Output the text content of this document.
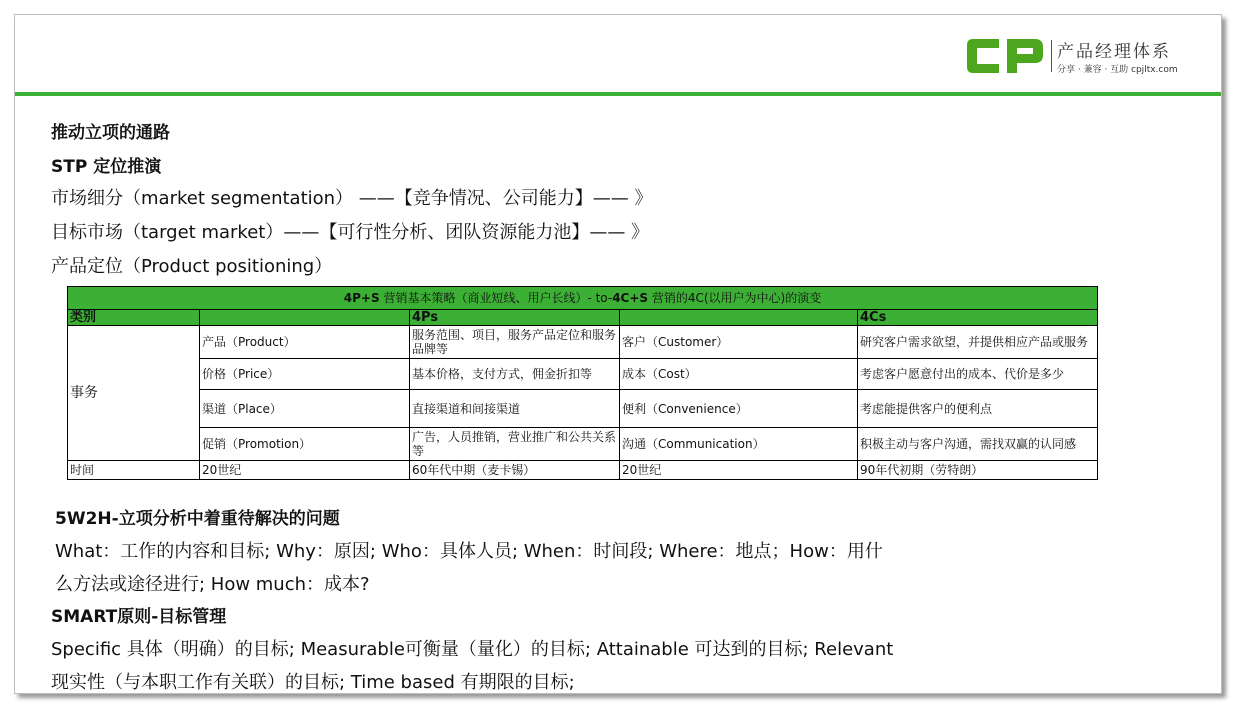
产品经理体系
分享 · 兼容 · 互助 cpjltx.com
推动立项的通路
STP 定位推演
市场细分（market segmentation） ——【竞争情况、公司能力】—— 》
目标市场（target market）——【可行性分析、团队资源能力池】—— 》
产品定位（Product positioning）
4P+S 营销基本策略（商业短线、用户长线）- to-4C+S 营销的4C(以用户为中心)的演变				
类别		4Ps		4Cs
事务	产品（Product）	服务范围、项目，服务产品定位和服务品牌等	客户（Customer）	研究客户需求欲望，并提供相应产品或服务
	价格（Price）	基本价格，支付方式，佣金折扣等	成本（Cost）	考虑客户愿意付出的成本、代价是多少
	渠道（Place）	直接渠道和间接渠道	便利（Convenience）	考虑能提供客户的便利点
	促销（Promotion）	广告，人员推销，营业推广和公共关系等	沟通（Communication）	积极主动与客户沟通，需找双赢的认同感
时间	20世纪	60年代中期（麦卡锡）	20世纪	90年代初期（劳特朗）
5W2H-立项分析中着重待解决的问题
What：工作的内容和目标; Why：原因; Who：具体人员; When：时间段; Where：地点；How：用什
么方法或途径进行; How much：成本?
SMART原则-目标管理
Specific 具体（明确）的目标; Measurable可衡量（量化）的目标; Attainable 可达到的目标; Relevant
现实性（与本职工作有关联）的目标; Time based 有期限的目标;
